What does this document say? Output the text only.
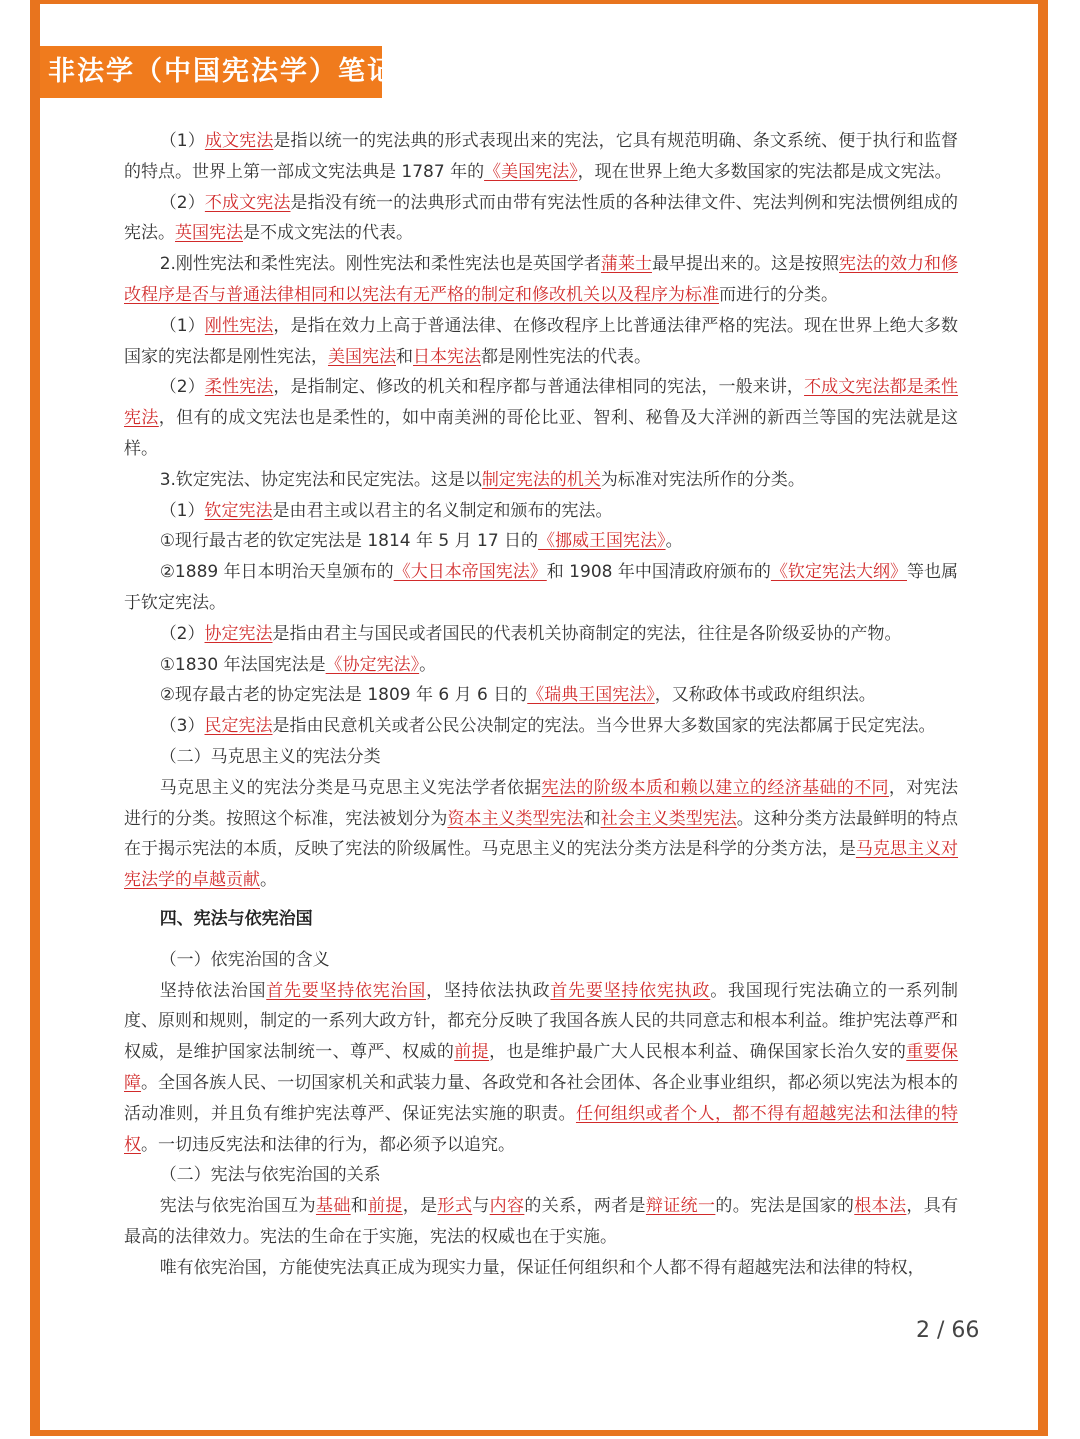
非法学（中国宪法学）笔记

（1）成文宪法是指以统一的宪法典的形式表现出来的宪法，它具有规范明确、条文系统、便于执行和监督的特点。世界上第一部成文宪法典是 1787 年的《美国宪法》，现在世界上绝大多数国家的宪法都是成文宪法。

（2）不成文宪法是指没有统一的法典形式而由带有宪法性质的各种法律文件、宪法判例和宪法惯例组成的宪法。英国宪法是不成文宪法的代表。

2.刚性宪法和柔性宪法。刚性宪法和柔性宪法也是英国学者蒲莱士最早提出来的。这是按照宪法的效力和修改程序是否与普通法律相同和以宪法有无严格的制定和修改机关以及程序为标准而进行的分类。

（1）刚性宪法，是指在效力上高于普通法律、在修改程序上比普通法律严格的宪法。现在世界上绝大多数国家的宪法都是刚性宪法，美国宪法和日本宪法都是刚性宪法的代表。

（2）柔性宪法，是指制定、修改的机关和程序都与普通法律相同的宪法，一般来讲，不成文宪法都是柔性宪法，但有的成文宪法也是柔性的，如中南美洲的哥伦比亚、智利、秘鲁及大洋洲的新西兰等国的宪法就是这样。

3.钦定宪法、协定宪法和民定宪法。这是以制定宪法的机关为标准对宪法所作的分类。

（1）钦定宪法是由君主或以君主的名义制定和颁布的宪法。

①现行最古老的钦定宪法是 1814 年 5 月 17 日的《挪威王国宪法》。

②1889 年日本明治天皇颁布的《大日本帝国宪法》和 1908 年中国清政府颁布的《钦定宪法大纲》等也属于钦定宪法。

（2）协定宪法是指由君主与国民或者国民的代表机关协商制定的宪法，往往是各阶级妥协的产物。

①1830 年法国宪法是《协定宪法》。

②现存最古老的协定宪法是 1809 年 6 月 6 日的《瑞典王国宪法》，又称政体书或政府组织法。

（3）民定宪法是指由民意机关或者公民公决制定的宪法。当今世界大多数国家的宪法都属于民定宪法。

（二）马克思主义的宪法分类

马克思主义的宪法分类是马克思主义宪法学者依据宪法的阶级本质和赖以建立的经济基础的不同，对宪法进行的分类。按照这个标准，宪法被划分为资本主义类型宪法和社会主义类型宪法。这种分类方法最鲜明的特点在于揭示宪法的本质，反映了宪法的阶级属性。马克思主义的宪法分类方法是科学的分类方法，是马克思主义对宪法学的卓越贡献。

四、宪法与依宪治国

（一）依宪治国的含义

坚持依法治国首先要坚持依宪治国，坚持依法执政首先要坚持依宪执政。我国现行宪法确立的一系列制度、原则和规则，制定的一系列大政方针，都充分反映了我国各族人民的共同意志和根本利益。维护宪法尊严和权威，是维护国家法制统一、尊严、权威的前提，也是维护最广大人民根本利益、确保国家长治久安的重要保障。全国各族人民、一切国家机关和武装力量、各政党和各社会团体、各企业事业组织，都必须以宪法为根本的活动准则，并且负有维护宪法尊严、保证宪法实施的职责。任何组织或者个人，都不得有超越宪法和法律的特权。一切违反宪法和法律的行为，都必须予以追究。

（二）宪法与依宪治国的关系

宪法与依宪治国互为基础和前提，是形式与内容的关系，两者是辩证统一的。宪法是国家的根本法，具有最高的法律效力。宪法的生命在于实施，宪法的权威也在于实施。

唯有依宪治国，方能使宪法真正成为现实力量，保证任何组织和个人都不得有超越宪法和法律的特权，

2 / 66
